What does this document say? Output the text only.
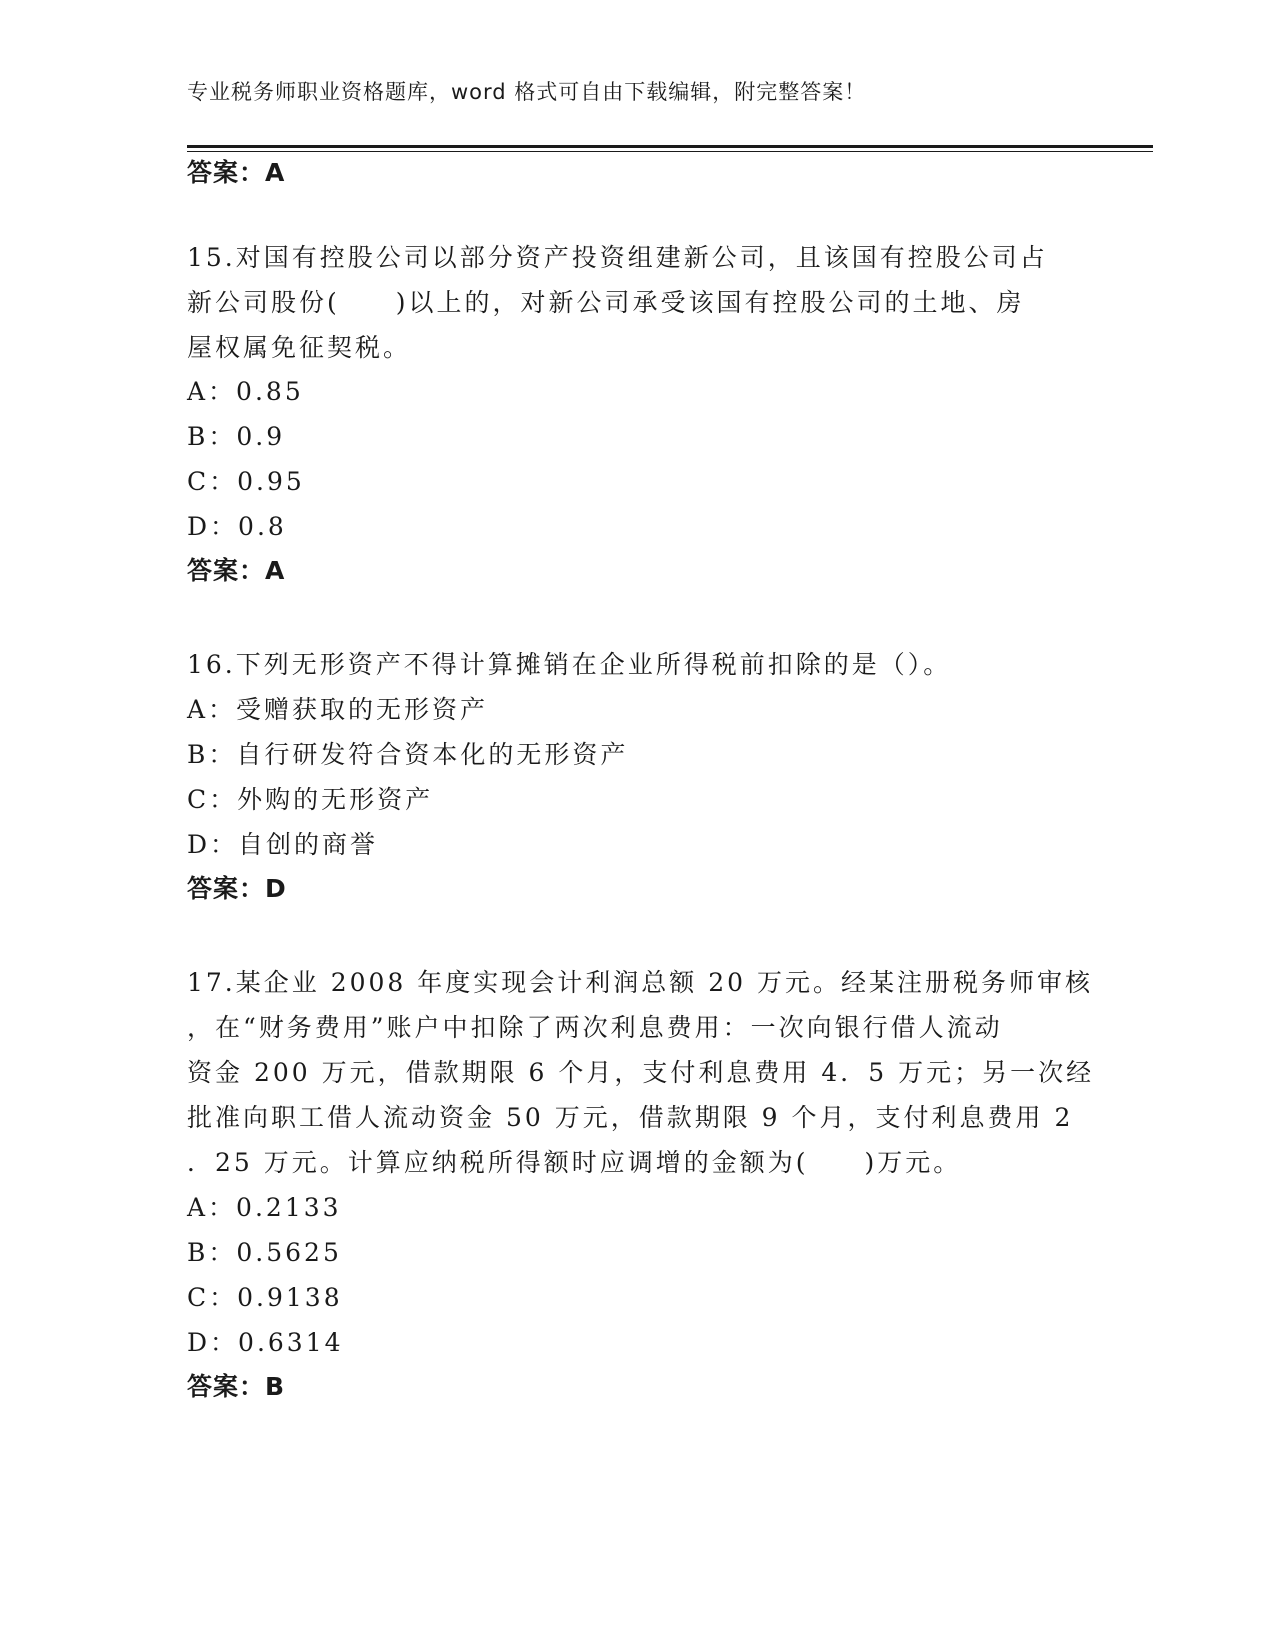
专业税务师职业资格题库，word 格式可自由下载编辑，附完整答案！
答案：A
15.对国有控股公司以部分资产投资组建新公司，且该国有控股公司占
新公司股份(　　)以上的，对新公司承受该国有控股公司的土地、房
屋权属免征契税。
A：0.85
B：0.9
C：0.95
D：0.8
答案：A
16.下列无形资产不得计算摊销在企业所得税前扣除的是（）。
A：受赠获取的无形资产
B：自行研发符合资本化的无形资产
C：外购的无形资产
D：自创的商誉
答案：D
17.某企业 2008 年度实现会计利润总额 20 万元。经某注册税务师审核
，在“财务费用”账户中扣除了两次利息费用：一次向银行借人流动
资金 200 万元，借款期限 6 个月，支付利息费用 4．5 万元；另一次经
批准向职工借人流动资金 50 万元，借款期限 9 个月，支付利息费用 2
．25 万元。计算应纳税所得额时应调增的金额为(　　)万元。
A：0.2133
B：0.5625
C：0.9138
D：0.6314
答案：B
